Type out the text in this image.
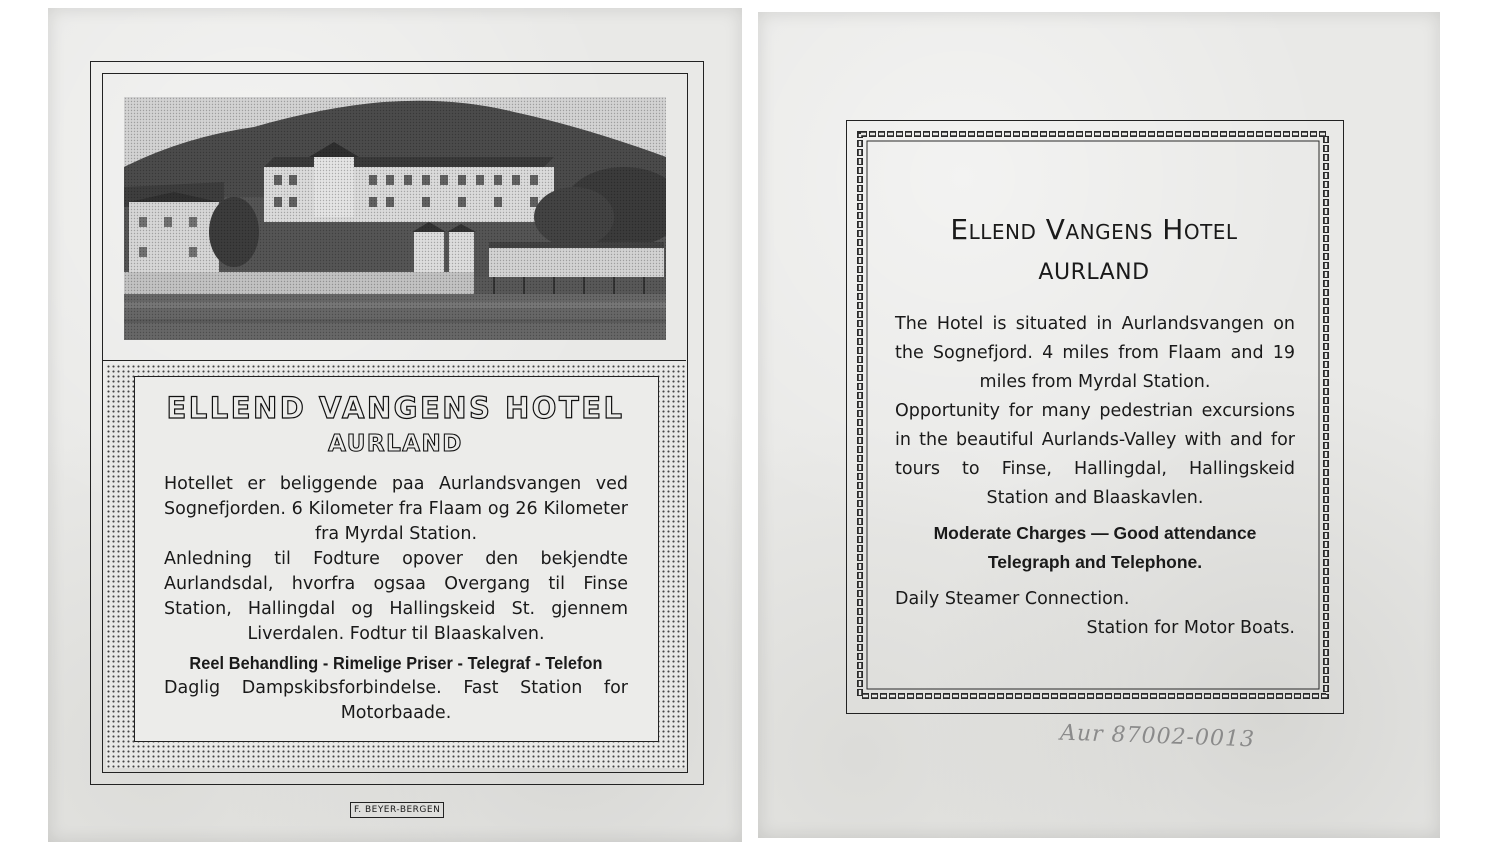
ELLEND VANGENS HOTEL
AURLAND

Hotellet er beliggende paa Aurlandsvangen ved Sognefjorden. 6 Kilometer fra Flaam og 26 Kilometer fra Myrdal Station.

Anledning til Fodture opover den bekjendte Aurlandsdal, hvorfra ogsaa Overgang til Finse Station, Hallingdal og Hallingskeid St. gjennem Liverdalen. Fodtur til Blaaskalven.

Reel Behandling - Rimelige Priser - Telegraf - Telefon

Daglig Dampskibsforbindelse. Fast Station for Motorbaade.

F. BEYER-BERGEN
Ellend Vangens Hotel
AURLAND

The Hotel is situated in Aurlandsvangen on the Sognefjord. 4 miles from Flaam and 19 miles from Myrdal Station.

Opportunity for many pedestrian excursions in the beautiful Aurlands-Valley with and for tours to Finse, Hallingdal, Hallingskeid Station and Blaaskavlen.

Moderate Charges — Good attendance

Telegraph and Telephone.

Daily Steamer Connection.

Station for Motor Boats.

Aur 87002-0013
